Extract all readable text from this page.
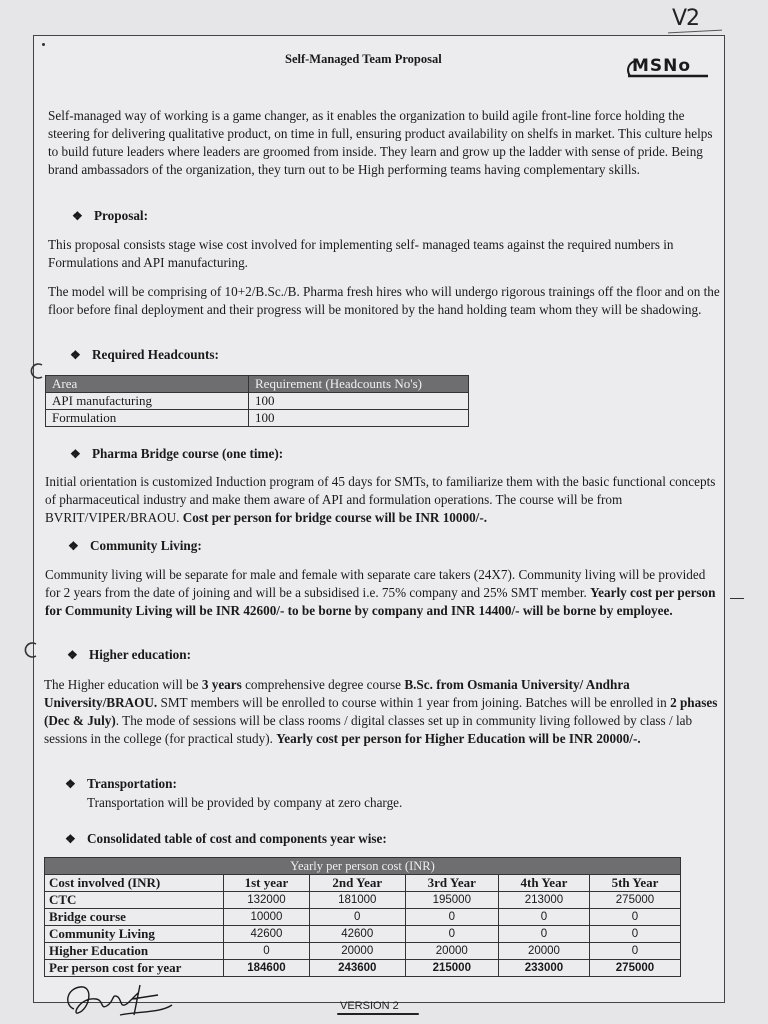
V2
Self-Managed Team Proposal	MSNo

Self-managed way of working is a game changer, as it enables the organization to build agile front-line force holding the steering for delivering qualitative product, on time in full, ensuring product availability on shelfs in market. This culture helps to build future leaders where leaders are groomed from inside. They learn and grow up the ladder with sense of pride. Being brand ambassadors of the organization, they turn out to be High performing teams having complementary skills.

❖ Proposal:

This proposal consists stage wise cost involved for implementing self- managed teams against the required numbers in Formulations and API manufacturing.

The model will be comprising of 10+2/B.Sc./B. Pharma fresh hires who will undergo rigorous trainings off the floor and on the floor before final deployment and their progress will be monitored by the hand holding team whom they will be shadowing.

❖ Required Headcounts:
Area	Requirement (Headcounts No's)
API manufacturing	100
Formulation	100
❖ Pharma Bridge course (one time):

Initial orientation is customized Induction program of 45 days for SMTs, to familiarize them with the basic functional concepts of pharmaceutical industry and make them aware of API and formulation operations. The course will be from BVRIT/VIPER/BRAOU. Cost per person for bridge course will be INR 10000/-.

❖ Community Living:

Community living will be separate for male and female with separate care takers (24X7). Community living will be provided for 2 years from the date of joining and will be a subsidised i.e. 75% company and 25% SMT member. Yearly cost per person for Community Living will be INR 42600/- to be borne by company and INR 14400/- will be borne by employee.

❖ Higher education:

The Higher education will be 3 years comprehensive degree course B.Sc. from Osmania University/ Andhra University/BRAOU. SMT members will be enrolled to course within 1 year from joining. Batches will be enrolled in 2 phases (Dec & July). The mode of sessions will be class rooms / digital classes set up in community living followed by class / lab sessions in the college (for practical study). Yearly cost per person for Higher Education will be INR 20000/-.

❖ Transportation:

Transportation will be provided by company at zero charge.

❖ Consolidated table of cost and components year wise:
Yearly per person cost (INR)					
Cost involved (INR)	1st year	2nd Year	3rd Year	4th Year	5th Year
CTC	132000	181000	195000	213000	275000
Bridge course	10000	0	0	0	0
Community Living	42600	42600	0	0	0
Higher Education	0	20000	20000	20000	0
Per person cost for year	184600	243600	215000	233000	275000
VERSION 2
